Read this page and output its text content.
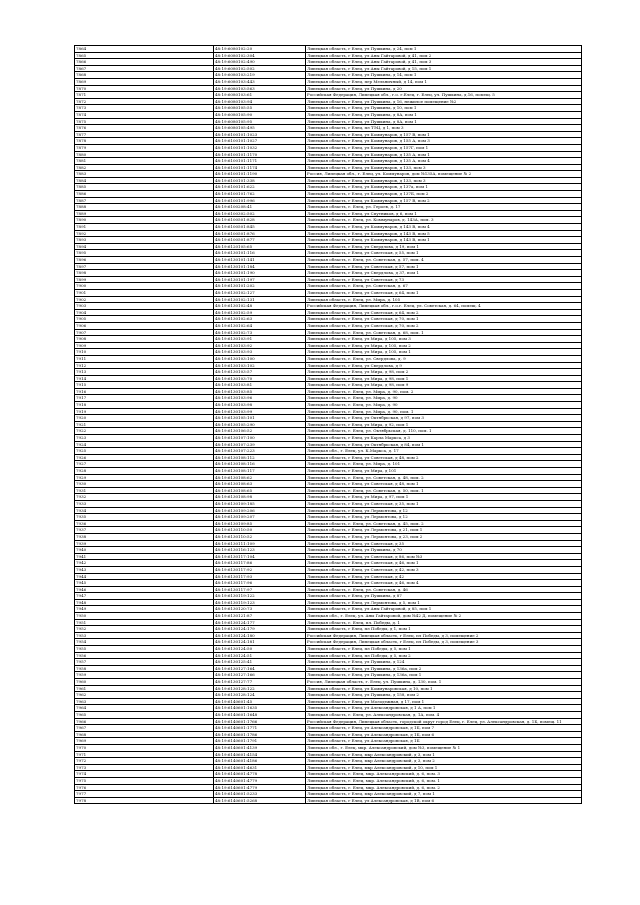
7864	48:19:6080102:20	Липецкая область, г Елец, ул Пушкина, д 24, пом 1
7865	48:19:6080102:304	Липецкая область, г Елец, ул Аны Гайтаровой, д 41, пом 2
7866	48:19:6080102:490	Липецкая область, г Елец, ул Аны Гайтаровой, д 41, пом 3
7867	48:19:6080102:502	Липецкая область, г Елец, ул Аны Гайтаровой, д 15, пом 1
7868	48:19:6080103:219	Липецкая область, г Елец, ул Пушкина, д 14, пом 1
7869	48:19:6080103:443	Липецкая область, г Елец, пер Мельничный, д 14, пом 1
7870	48:19:6080103:563	Липецкая область, г Елец, ул Пушкина, д 20
7871	48:19:6080103:61	Российская Федерация, Липецкая обл., г.о. г.Елец, г. Елец, ул. Пушкина, д.16, помещ. 5
7872	48:19:6080103:94	Липецкая область, г Елец, ул Пушкина, д 16, нежилое помещение №2
7873	48:19:6080105:55	Липецкая область, г Елец, ул Пушкина, д 10, пом 1
7874	48:19:6080105:90	Липецкая область, г Елец, ул Пушкина, д 8А, пом 1
7875	48:19:6080105:95	Липецкая область, г Елец, ул Пушкина, д 8А, пом 1
7876	48:19:6080105:495	Липецкая область, г Елец, пл ТЭЦ, д 1, пом 3
7877	48:19:6100101:1023	Липецкая область, г Елец, ул Коммунаров, д 157 В, пом 1
7878	48:19:6100101:1027	Липецкая область, г Елец, ул Коммунаров, д 155 А, пом 3
7879	48:19:6100101:1032	Липецкая область, г Елец, ул Коммунаров, д 157Г, пом 1
7880	48:19:6100101:1170	Липецкая область, г Елец, ул Коммунаров, д 135 А, пом 1
7881	48:19:6100101:1171	Липецкая область, г Елец, ул Коммунаров, д 135 А, пом 4
7882	48:19:6100101:1174	Липецкая область, г Елец, ул Коммунаров, д 133, пом 3
7883	48:19:6100101:1190	Россия, Липецкая обл., г. Елец, ул. Коммунаров, дом №135А, помещение № 2
7884	48:19:6100101:338	Липецкая область, г Елец, ул Коммунаров, д 133, пом 3
7885	48:19:6100101:622	Липецкая область, г Елец, ул Коммунаров, д 137а, пом 1
7886	48:19:6100101:762	Липецкая область, г Елец, ул Коммунаров, д 137Б, пом 2
7887	48:19:6100101:996	Липецкая область, г Елец, ул Коммунаров, д 157 В, пом 2
7888	48:19:6100208:41	Липецкая область, г. Елец, ул. Героев, д. 17
7889	48:19:6100302:502	Липецкая область, г Елец, ул Спутников, д 6, пом 1
7890	48:19:6100501:828	Липецкая область, г. Елец, ул. Коммунаров, д. 143А, пом. 3
7891	48:19:6100501:845	Липецкая область, г Елец, ул Коммунаров, д 143 В, пом 4
7892	48:19:6100501:876	Липецкая область, г Елец, ул Коммунаров, д 143 В, пом 5
7893	48:19:6100501:877	Липецкая область, г Елец, ул Коммунаров, д 143 В, пом 1
7894	48:19:6120105:65	Липецкая область, г Елец, ул Свердлова, д 19, пом 1
7895	48:19:6130101:116	Липецкая область, г Елец, ул Советская, д 55, пом 1
7896	48:19:6130101:141	Липецкая область, г. Елец, ул. Советская, д. 57, пом. 4
7897	48:19:6130101:184	Липецкая область, г Елец, ул Советская, д 57, пом 1
7898	48:19:6130101:190	Липецкая область, г Елец, ул Свердлова, д 37, пом 1
7899	48:19:6130101:197	Липецкая область, г Елец, ул Советская, д 73
7900	48:19:6130101:202	Липецкая область, г. Елец, ул. Советская, д. 67
7901	48:19:6130102:127	Липецкая область, г Елец, ул Советская, д 64, пом 1
7902	48:19:6130102:131	Липецкая область, г. Елец, ул. Мира, д. 105
7903	48:19:6130102:48	Российская Федерация, Липецкая обл., г.о.г. Елец, ул. Советская, д. 64, помещ. 4
7904	48:19:6130102:59	Липецкая область, г Елец, ул Советская, д 64, пом 2
7905	48:19:6130102:63	Липецкая область, г Елец, ул Советская, д 70, пом 1
7906	48:19:6130102:64	Липецкая область, г Елец, ул Советская, д 70, пом 2
7907	48:19:6130102:73	Липецкая область, г. Елец, ул. Советская, д. 68, пом. 1
7908	48:19:6130103:91	Липецкая область, г Елец, ул Мира, д 105, пом 3
7909	48:19:6130103:92	Липецкая область, г Елец, ул Мира, д 105, пом 2
7910	48:19:6130103:93	Липецкая область, г Елец, ул Мира, д 105, пом 1
7911	48:19:6130103:100	Липецкая область, г. Елец, ул. Свердлова, д. 9
7912	48:19:6130103:102	Липецкая область, г Елец, ул Свердлова, д 9
7913	48:19:6130103:57	Липецкая область, г Елец, ул Мира, д 98, пом 2
7914	48:19:6130103:70	Липецкая область, г Елец, ул Мира, д 98, пом 1
7915	48:19:6130103:81	Липецкая область, г Елец, ул Мира, д 98, пом 9
7916	48:19:6130103:85	Липецкая область, г. Елец, ул. Мира, д. 90, пом. 2
7917	48:19:6130103:96	Липецкая область, г. Елец, ул. Мира, д. 90
7918	48:19:6130103:98	Липецкая область, г. Елец, ул. Мира, д. 90
7919	48:19:6130103:99	Липецкая область, г. Елец, ул. Мира, д. 90, пом. 1
7920	48:19:6130105:101	Липецкая область, г Елец, ул Октябрьская, д 97, пом 3
7921	48:19:6130105:290	Липецкая область, г Елец, ул Мира, д 92, пом 1
7922	48:19:6130106:52	Липецкая область, г. Елец, ул. Октябрьская, д. 110, пом. 1
7923	48:19:6130107:100	Липецкая область, г Елец, ул Карла Маркса, д 3
7924	48:19:6130107:239	Липецкая область, г Елец, ул Октябрьская, д 84, пом 1
7925	48:19:6130107:223	Липецкая обл., г. Елец, ул. К.Маркса, д. 17
7926	48:19:6130108:112	Липецкая область, г Елец, ул Советская, д 48, пом 2
7927	48:19:6130108:116	Липецкая область, г. Елец, ул. Мира, д. 101
7928	48:19:6130108:117	Липецкая область, г Елец, ул Мира, д 101
7929	48:19:6130108:62	Липецкая область, г. Елец, ул. Советская, д. 48, пом. 2
7930	48:19:6130108:63	Липецкая область, г Елец, ул Советская, д 48, пом 1
7931	48:19:6130108:65	Липецкая область, г. Елец, ул. Советская, д. 50, пом. 1
7932	48:19:6130108:98	Липецкая область, г Елец, ул Мира, д 97, пом 1
7933	48:19:6130109:185	Липецкая область, г Елец, ул Советская, д 35, пом 1
7934	48:19:6130109:206	Липецкая область, г Елец, ул Лермонтова, д 12
7935	48:19:6130109:207	Липецкая область, г Елец, ул Лермонтова, д 12
7936	48:19:6130109:85	Липецкая область, г. Елец, ул. Советская, д. 45, пом. 2
7937	48:19:6130110:50	Липецкая область, г Елец, ул Лермонтова, д 21, пом 1
7938	48:19:6130110:52	Липецкая область, г Елец, ул Лермонтова, д 23, пом 2
7939	48:19:6130111:109	Липецкая область, г Елец, ул Советская, д 35
7940	48:19:6130116:123	Липецкая область, г Елец, ул Пушкина, д 70
7941	48:19:6130117:104	Липецкая область, г Елец, ул Советская, д 86, пом №3
7942	48:19:6130117:86	Липецкая область, г Елец, ул Советская, д 46, пом 1
7943	48:19:6130117:92	Липецкая область, г Елец, ул Советская, д 42, пом 3
7944	48:19:6130117:93	Липецкая область, г Елец, ул Советская, д 42
7945	48:19:6130117:96	Липецкая область, г Елец, ул Советская, д 46, пом 4
7946	48:19:6130117:97	Липецкая область, г. Елец, ул. Советская, д. 46
7947	48:19:6130119:122	Липецкая область, г Елец, ул Пушкина, д 87
7948	48:19:6130119:123	Липецкая область, г Елец, ул Лермонтова, д 5, пом 1
7949	48:19:6130120:73	Липецкая область, г Елец, ул Аны Гайтаровой, д 85, пом 1
7950	48:19:6130121:87	Липецкая обл., г. Елец, ул. Аны Гайтаровой, дом №42 Д, помещение № 2
7951	48:19:6130124:177	Липецкая область, г. Елец, пл. Победы, д. 1
7952	48:19:6130124:179	Липецкая область, г Елец, пл Победы, д 1, пом 1
7953	48:19:6130124:180	Российская Федерация, Липецкая область, г Елец, пл Победы, д 3, помещение 2
7954	48:19:6130124:181	Российская Федерация, Липецкая область, г Елец, пл Победы, д 3, помещение 3
7955	48:19:6130124:50	Липецкая область, г Елец, пл Победы, д 5, пом 1
7956	48:19:6130124:51	Липецкая область, г Елец, пл Победы, д 5, пом 2
7957	48:19:6130125:41	Липецкая область, г Елец, ул Пушкина, д 124
7958	48:19:6130127:164	Липецкая область, г Елец, ул Пушкина, д 136а, пом 2
7959	48:19:6130127:166	Липецкая область, г Елец, ул Пушкина, д 136а, пом 1
7960	48:19:6130127:77	Россия, Липецкая область, г. Елец, ул. Пушкина, д. 130, пом. 1
7961	48:19:6130128:122	Липецкая область, г Елец, ул Коммунаровская, д 10, пом 1
7962	48:19:6130128:124	Липецкая область, г Елец, ул Пушкина, д 158, пом 2
7963	48:19:6140601:45	Липецкая область, г Елец, ул Молодежная, д 17, пом 1
7964	48:19:6140601:1635	Липецкая область, г Елец, ул Александровская, д 1 А, пом 1
7965	48:19:6140601:1648	Липецкая область, г. Елец, ул. Александровская, д. 1А, пом. 4
7966	48:19:6140601:1766	Российская Федерация, Липецкая область, городской округ город Елец, г. Елец, ул. Александровская, д. 1Б, помещ. 11
7967	48:19:6140601:1771	Липецкая область, г Елец, ул Александровская, д 1Б, пом 7
7968	48:19:6140601:1786	Липецкая область, г Елец, ул Александровская, д 1Б, пом 6
7969	48:19:6140601:1791	Липецкая область, г Елец, ул Александровская, д 1Б
7970	48:19:6140601:4139	Липецкая обл., г. Елец, мкр. Александровский, дом №3, помещение № 1
7971	48:19:6140601:4154	Липецкая область, г Елец, мкр Александровский, д 3, пом 1
7972	48:19:6140601:4186	Липецкая область, г Елец, мкр Александровский, д 3, пом 2
7973	48:19:6140601:4631	Липецкая область, г Елец, мкр Александровский, д 10, пом 1
7974	48:19:6140601:4778	Липецкая область, г. Елец, мкр. Александровский, д. 6, пом. 3
7975	48:19:6140601:4779	Липецкая область, г. Елец, мкр. Александровский, д. 6, пом. 1
7976	48:19:6140601:4779	Липецкая область, г. Елец, мкр. Александровский, д. 6, пом. 2
7977	48:19:6140601:5233	Липецкая область, г Елец, мкр Александровский, д 7, пом 1
7978	48:19:6140601:5268	Липецкая область, г Елец, ул Александровская, д 1В, пом 6
